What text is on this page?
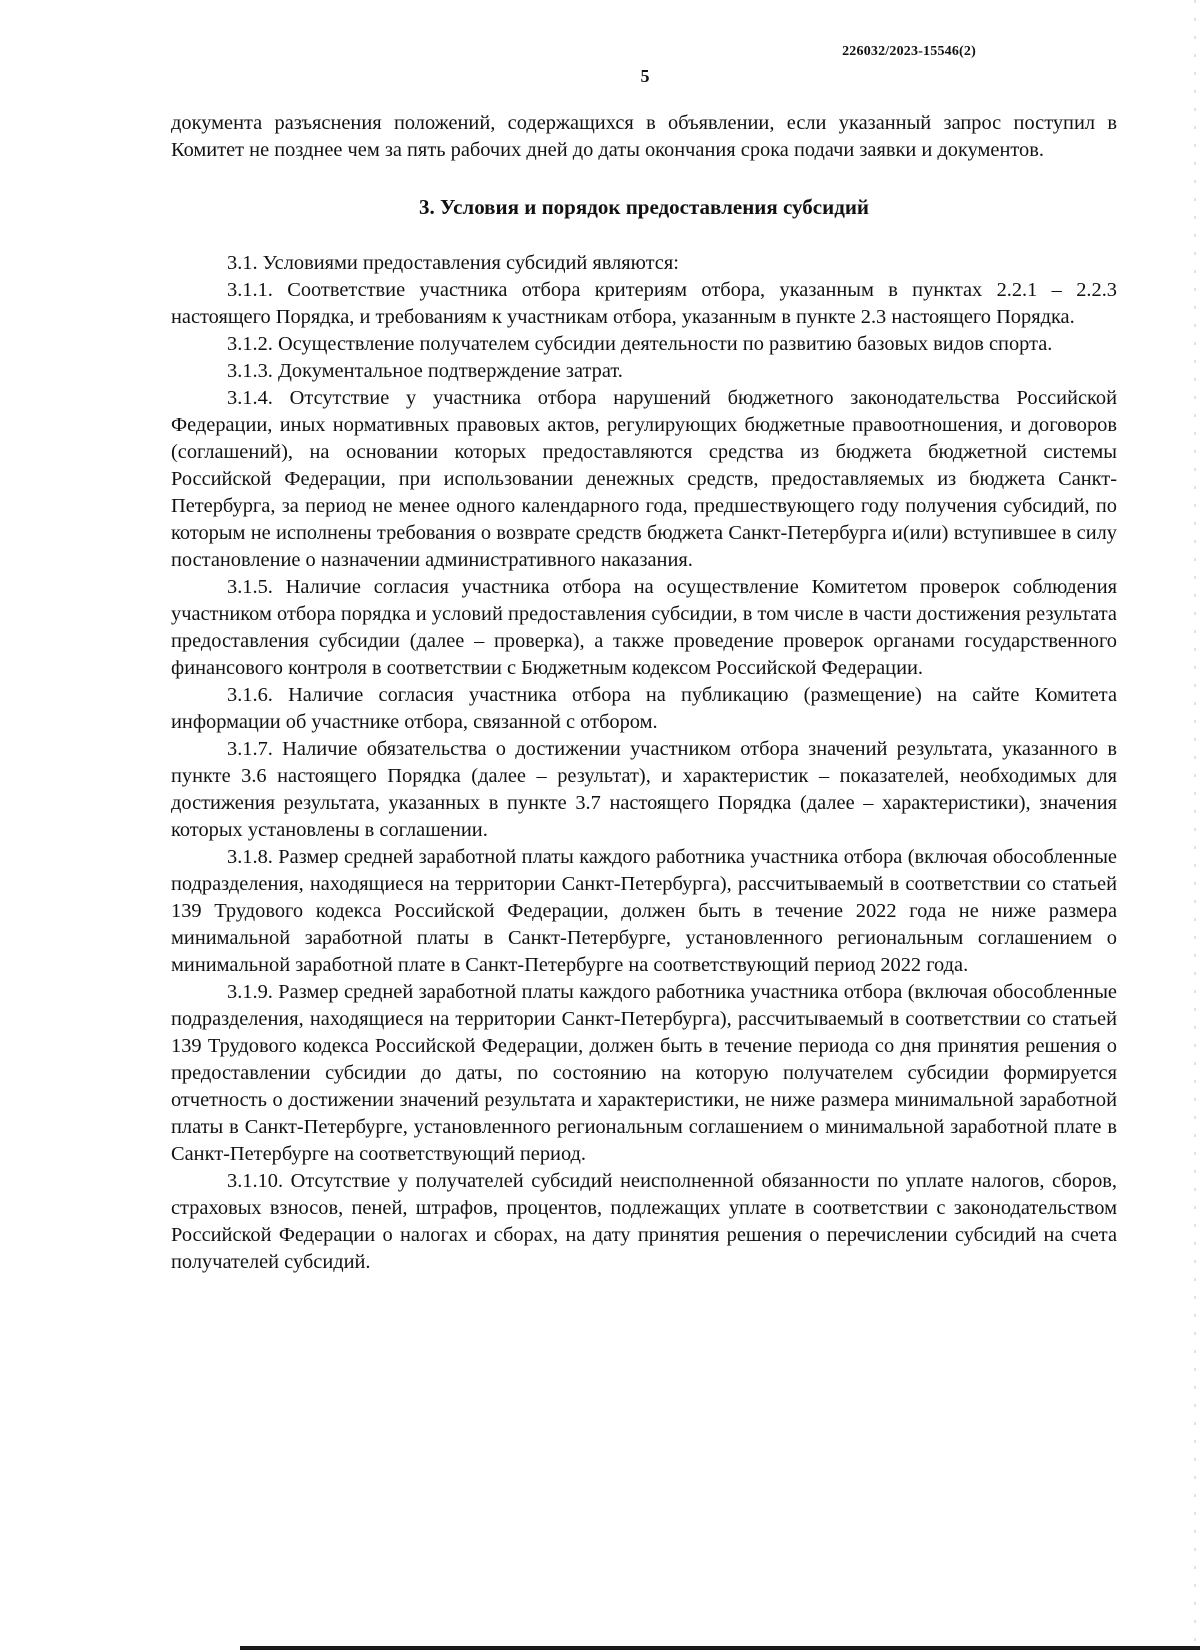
226032/2023-15546(2)
5

документа разъяснения положений, содержащихся в объявлении, если указанный запрос поступил в Комитет не позднее чем за пять рабочих дней до даты окончания срока подачи заявки и документов.

3. Условия и порядок предоставления субсидий

3.1. Условиями предоставления субсидий являются:

3.1.1. Соответствие участника отбора критериям отбора, указанным в пунктах 2.2.1 – 2.2.3 настоящего Порядка, и требованиям к участникам отбора, указанным в пункте 2.3 настоящего Порядка.

3.1.2. Осуществление получателем субсидии деятельности по развитию базовых видов спорта.

3.1.3. Документальное подтверждение затрат.

3.1.4. Отсутствие у участника отбора нарушений бюджетного законодательства Российской Федерации, иных нормативных правовых актов, регулирующих бюджетные правоотношения, и договоров (соглашений), на основании которых предоставляются средства из бюджета бюджетной системы Российской Федерации, при использовании денежных средств, предоставляемых из бюджета Санкт-Петербурга, за период не менее одного календарного года, предшествующего году получения субсидий, по которым не исполнены требования о возврате средств бюджета Санкт-Петербурга и(или) вступившее в силу постановление о назначении административного наказания.

3.1.5. Наличие согласия участника отбора на осуществление Комитетом проверок соблюдения участником отбора порядка и условий предоставления субсидии, в том числе в части достижения результата предоставления субсидии (далее – проверка), а также проведение проверок органами государственного финансового контроля в соответствии с Бюджетным кодексом Российской Федерации.

3.1.6. Наличие согласия участника отбора на публикацию (размещение) на сайте Комитета информации об участнике отбора, связанной с отбором.

3.1.7. Наличие обязательства о достижении участником отбора значений результата, указанного в пункте 3.6 настоящего Порядка (далее – результат), и характеристик – показателей, необходимых для достижения результата, указанных в пункте 3.7 настоящего Порядка (далее – характеристики), значения которых установлены в соглашении.

3.1.8. Размер средней заработной платы каждого работника участника отбора (включая обособленные подразделения, находящиеся на территории Санкт-Петербурга), рассчитываемый в соответствии со статьей 139 Трудового кодекса Российской Федерации, должен быть в течение 2022 года не ниже размера минимальной заработной платы в Санкт-Петербурге, установленного региональным соглашением о минимальной заработной плате в Санкт-Петербурге на соответствующий период 2022 года.

3.1.9. Размер средней заработной платы каждого работника участника отбора (включая обособленные подразделения, находящиеся на территории Санкт-Петербурга), рассчитываемый в соответствии со статьей 139 Трудового кодекса Российской Федерации, должен быть в течение периода со дня принятия решения о предоставлении субсидии до даты, по состоянию на которую получателем субсидии формируется отчетность о достижении значений результата и характеристики, не ниже размера минимальной заработной платы в Санкт-Петербурге, установленного региональным соглашением о минимальной заработной плате в Санкт-Петербурге на соответствующий период.

3.1.10. Отсутствие у получателей субсидий неисполненной обязанности по уплате налогов, сборов, страховых взносов, пеней, штрафов, процентов, подлежащих уплате в соответствии с законодательством Российской Федерации о налогах и сборах, на дату принятия решения о перечислении субсидий на счета получателей субсидий.
